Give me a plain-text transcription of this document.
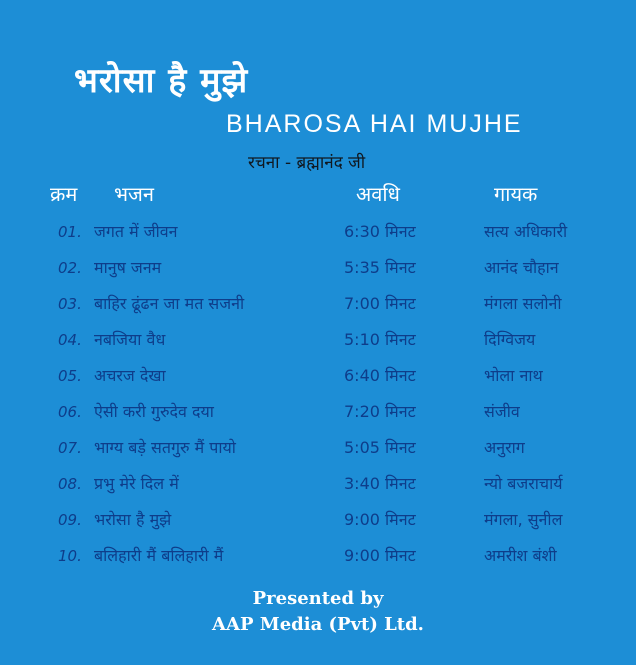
भरोसा है मुझे
BHAROSA HAI MUJHE
रचना - ब्रह्मानंद जी
क्रम भजन	अवधि	गायक
01. जगत में जीवन	6:30 मिनट	सत्य अधिकारी
02. मानुष जनम	5:35 मिनट	आनंद चौहान
03. बाहिर ढूंढन जा मत सजनी	7:00 मिनट	मंगला सलोनी
04. नबजिया वैध	5:10 मिनट	दिग्विजय
05. अचरज देखा	6:40 मिनट	भोला नाथ
06. ऐसी करी गुरुदेव दया	7:20 मिनट	संजीव
07. भाग्य बड़े सतगुरु मैं पायो	5:05 मिनट	अनुराग
08. प्रभु मेरे दिल में	3:40 मिनट	न्यो बजराचार्य
09. भरोसा है मुझे	9:00 मिनट	मंगला, सुनील
10. बलिहारी मैं बलिहारी मैं	9:00 मिनट	अमरीश बंशी
Presented by
AAP Media (Pvt) Ltd.
